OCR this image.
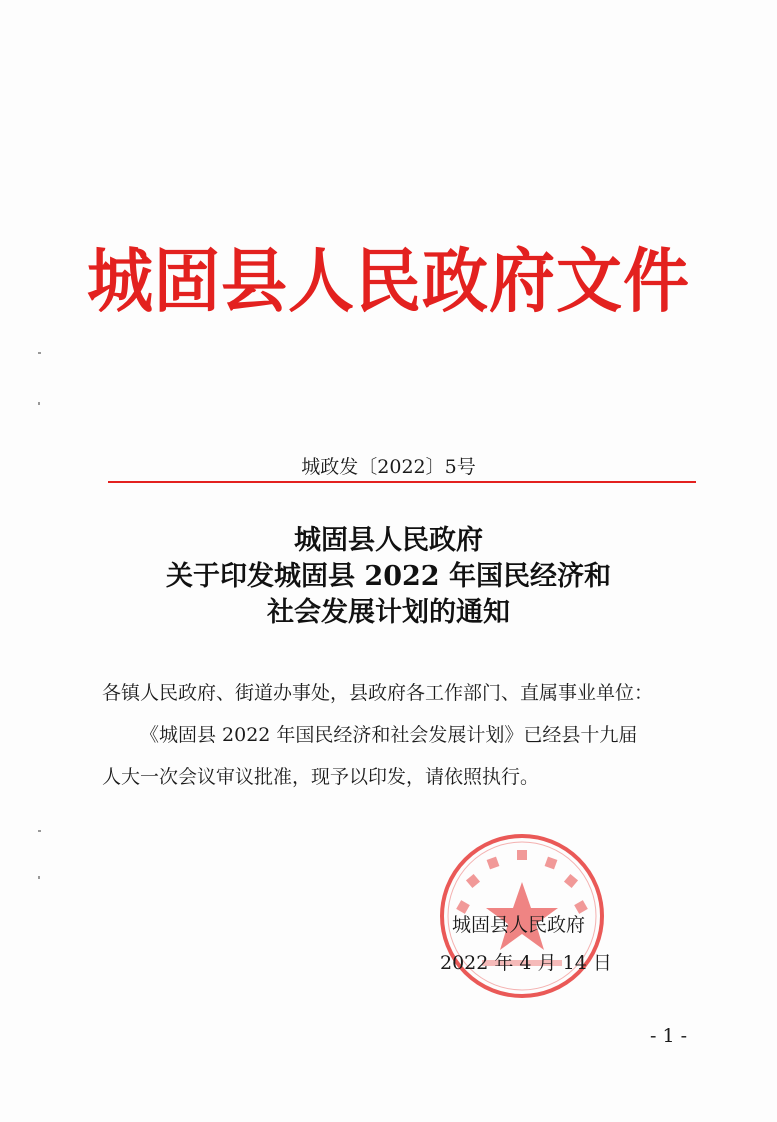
城固县人民政府文件
城政发〔2022〕5号
城固县人民政府
关于印发城固县 2022 年国民经济和
社会发展计划的通知

各镇人民政府、街道办事处，县政府各工作部门、直属事业单位：

《城固县 2022 年国民经济和社会发展计划》已经县十九届

人大一次会议审议批准，现予以印发，请依照执行。

城固县人民政府
2022 年 4 月 14 日
- 1 -
